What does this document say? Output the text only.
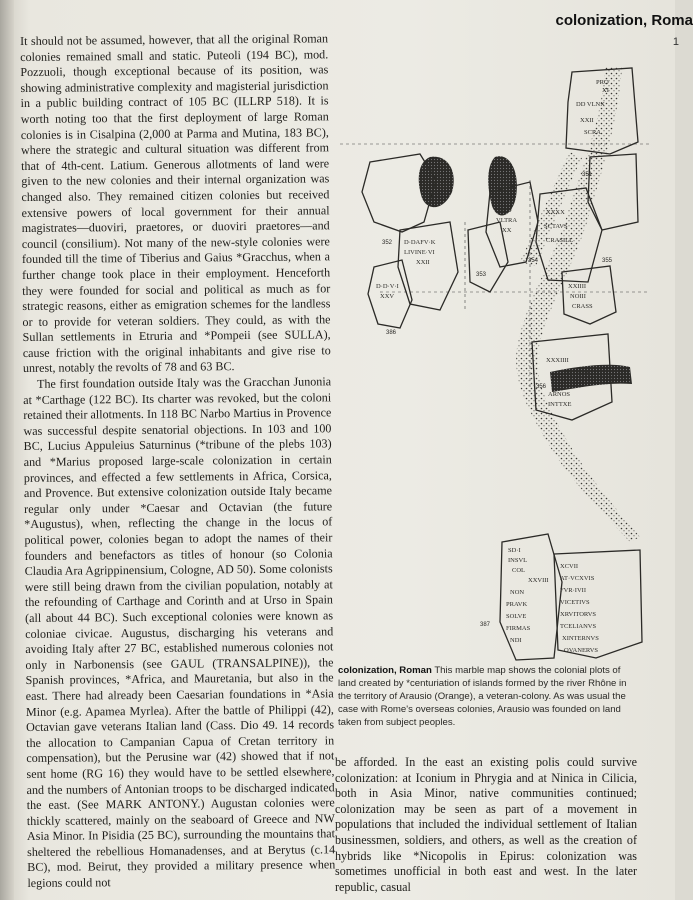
colonization, Roma
1

It should not be assumed, however, that all the original Roman colonies remained small and static. Puteoli (194 BC), mod. Pozzuoli, though exceptional because of its position, was showing administrative complexity and magisterial jurisdiction in a public building contract of 105 BC (ILLRP 518). It is worth noting too that the first deployment of large Roman colonies is in Cisalpina (2,000 at Parma and Mutina, 183 BC), where the strategic and cultural situation was different from that of 4th-cent. Latium. Generous allotments of land were given to the new colonies and their internal organization was changed also. They remained citizen colonies but received extensive powers of local government for their annual magistrates—duoviri, praetores, or duoviri praetores—and council (consilium). Not many of the new-style colonies were founded till the time of Tiberius and Gaius *Gracchus, when a further change took place in their employment. Henceforth they were founded for social and political as much as for strategic reasons, either as emigration schemes for the landless or to provide for veteran soldiers. They could, as with the Sullan settlements in Etruria and *Pompeii (see SULLA), cause friction with the original inhabitants and give rise to unrest, notably the revolts of 78 and 63 BC.

The first foundation outside Italy was the Gracchan Junonia at *Carthage (122 BC). Its charter was revoked, but the coloni retained their allotments. In 118 BC Narbo Martius in Provence was successful despite senatorial objections. In 103 and 100 BC, Lucius Appuleius Saturninus (*tribune of the plebs 103) and *Marius proposed large-scale colonization in certain provinces, and effected a few settlements in Africa, Corsica, and Provence. But extensive colonization outside Italy became regular only under *Caesar and Octavian (the future *Augustus), when, reflecting the change in the locus of political power, colonies began to adopt the names of their founders and benefactors as titles of honour (so Colonia Claudia Ara Agrippinensium, Cologne, AD 50). Some colonists were still being drawn from the civilian population, notably at the refounding of Carthage and Corinth and at Urso in Spain (all about 44 BC). Such exceptional colonies were known as coloniae civicae. Augustus, discharging his veterans and avoiding Italy after 27 BC, established numerous colonies not only in Narbonensis (see GAUL (TRANSALPINE)), the Spanish provinces, *Africa, and Mauretania, but also in the east. There had already been Caesarian foundations in *Asia Minor (e.g. Apamea Myrlea). After the battle of Philippi (42), Octavian gave veterans Italian land (Cass. Dio 49. 14 records the allocation to Campanian Capua of Cretan territory in compensation), but the Perusine war (42) showed that if not sent home (RG 16) they would have to be settled elsewhere, and the numbers of Antonian troops to be discharged indicated the east. (See MARK ANTONY.) Augustan colonies were thickly scattered, mainly on the seaboard of Greece and NW Asia Minor. In Pisidia (25 BC), surrounding the mountains that sheltered the rebellious Homanadenses, and at Berytus (c.14 BC), mod. Beirut, they provided a military presence when legions could not

PRO
XI
DD VLNX
XXII
SCRA
D·DAFV·K
LIVINE·VI
XXII
D·D
VLTRA
XX
XXXX
SCTAVS
CRASILL
D·D·V·I
XXV
XXIIII
NOIII
CRASS
XXXIIII
D·D·IIII
ARNOS
INTTXE
SD·I
INSVL
COL
XXVIII
NON
PRAVK
SOLVE
FIRMAS
NDI
XCVII
AT·VCXVIS
FVR·IVII
VICETIVS
XRVITORVS
TCELIANVS
XINTERNVS
OVANERVS
351
352
353
354	355
356
386
387
colonization, Roman This marble map shows the colonial plots of land created by *centuriation of islands formed by the river Rhône in the territory of Arausio (Orange), a veteran-colony. As was usual the case with Rome's overseas colonies, Arausio was founded on land taken from subject peoples.

be afforded. In the east an existing polis could survive colonization: at Iconium in Phrygia and at Ninica in Cilicia, both in Asia Minor, native communities continued; colonization may be seen as part of a movement in populations that included the individual settlement of Italian businessmen, soldiers, and others, as well as the creation of hybrids like *Nicopolis in Epirus: colonization was sometimes unofficial in both east and west. In the later republic, casual
